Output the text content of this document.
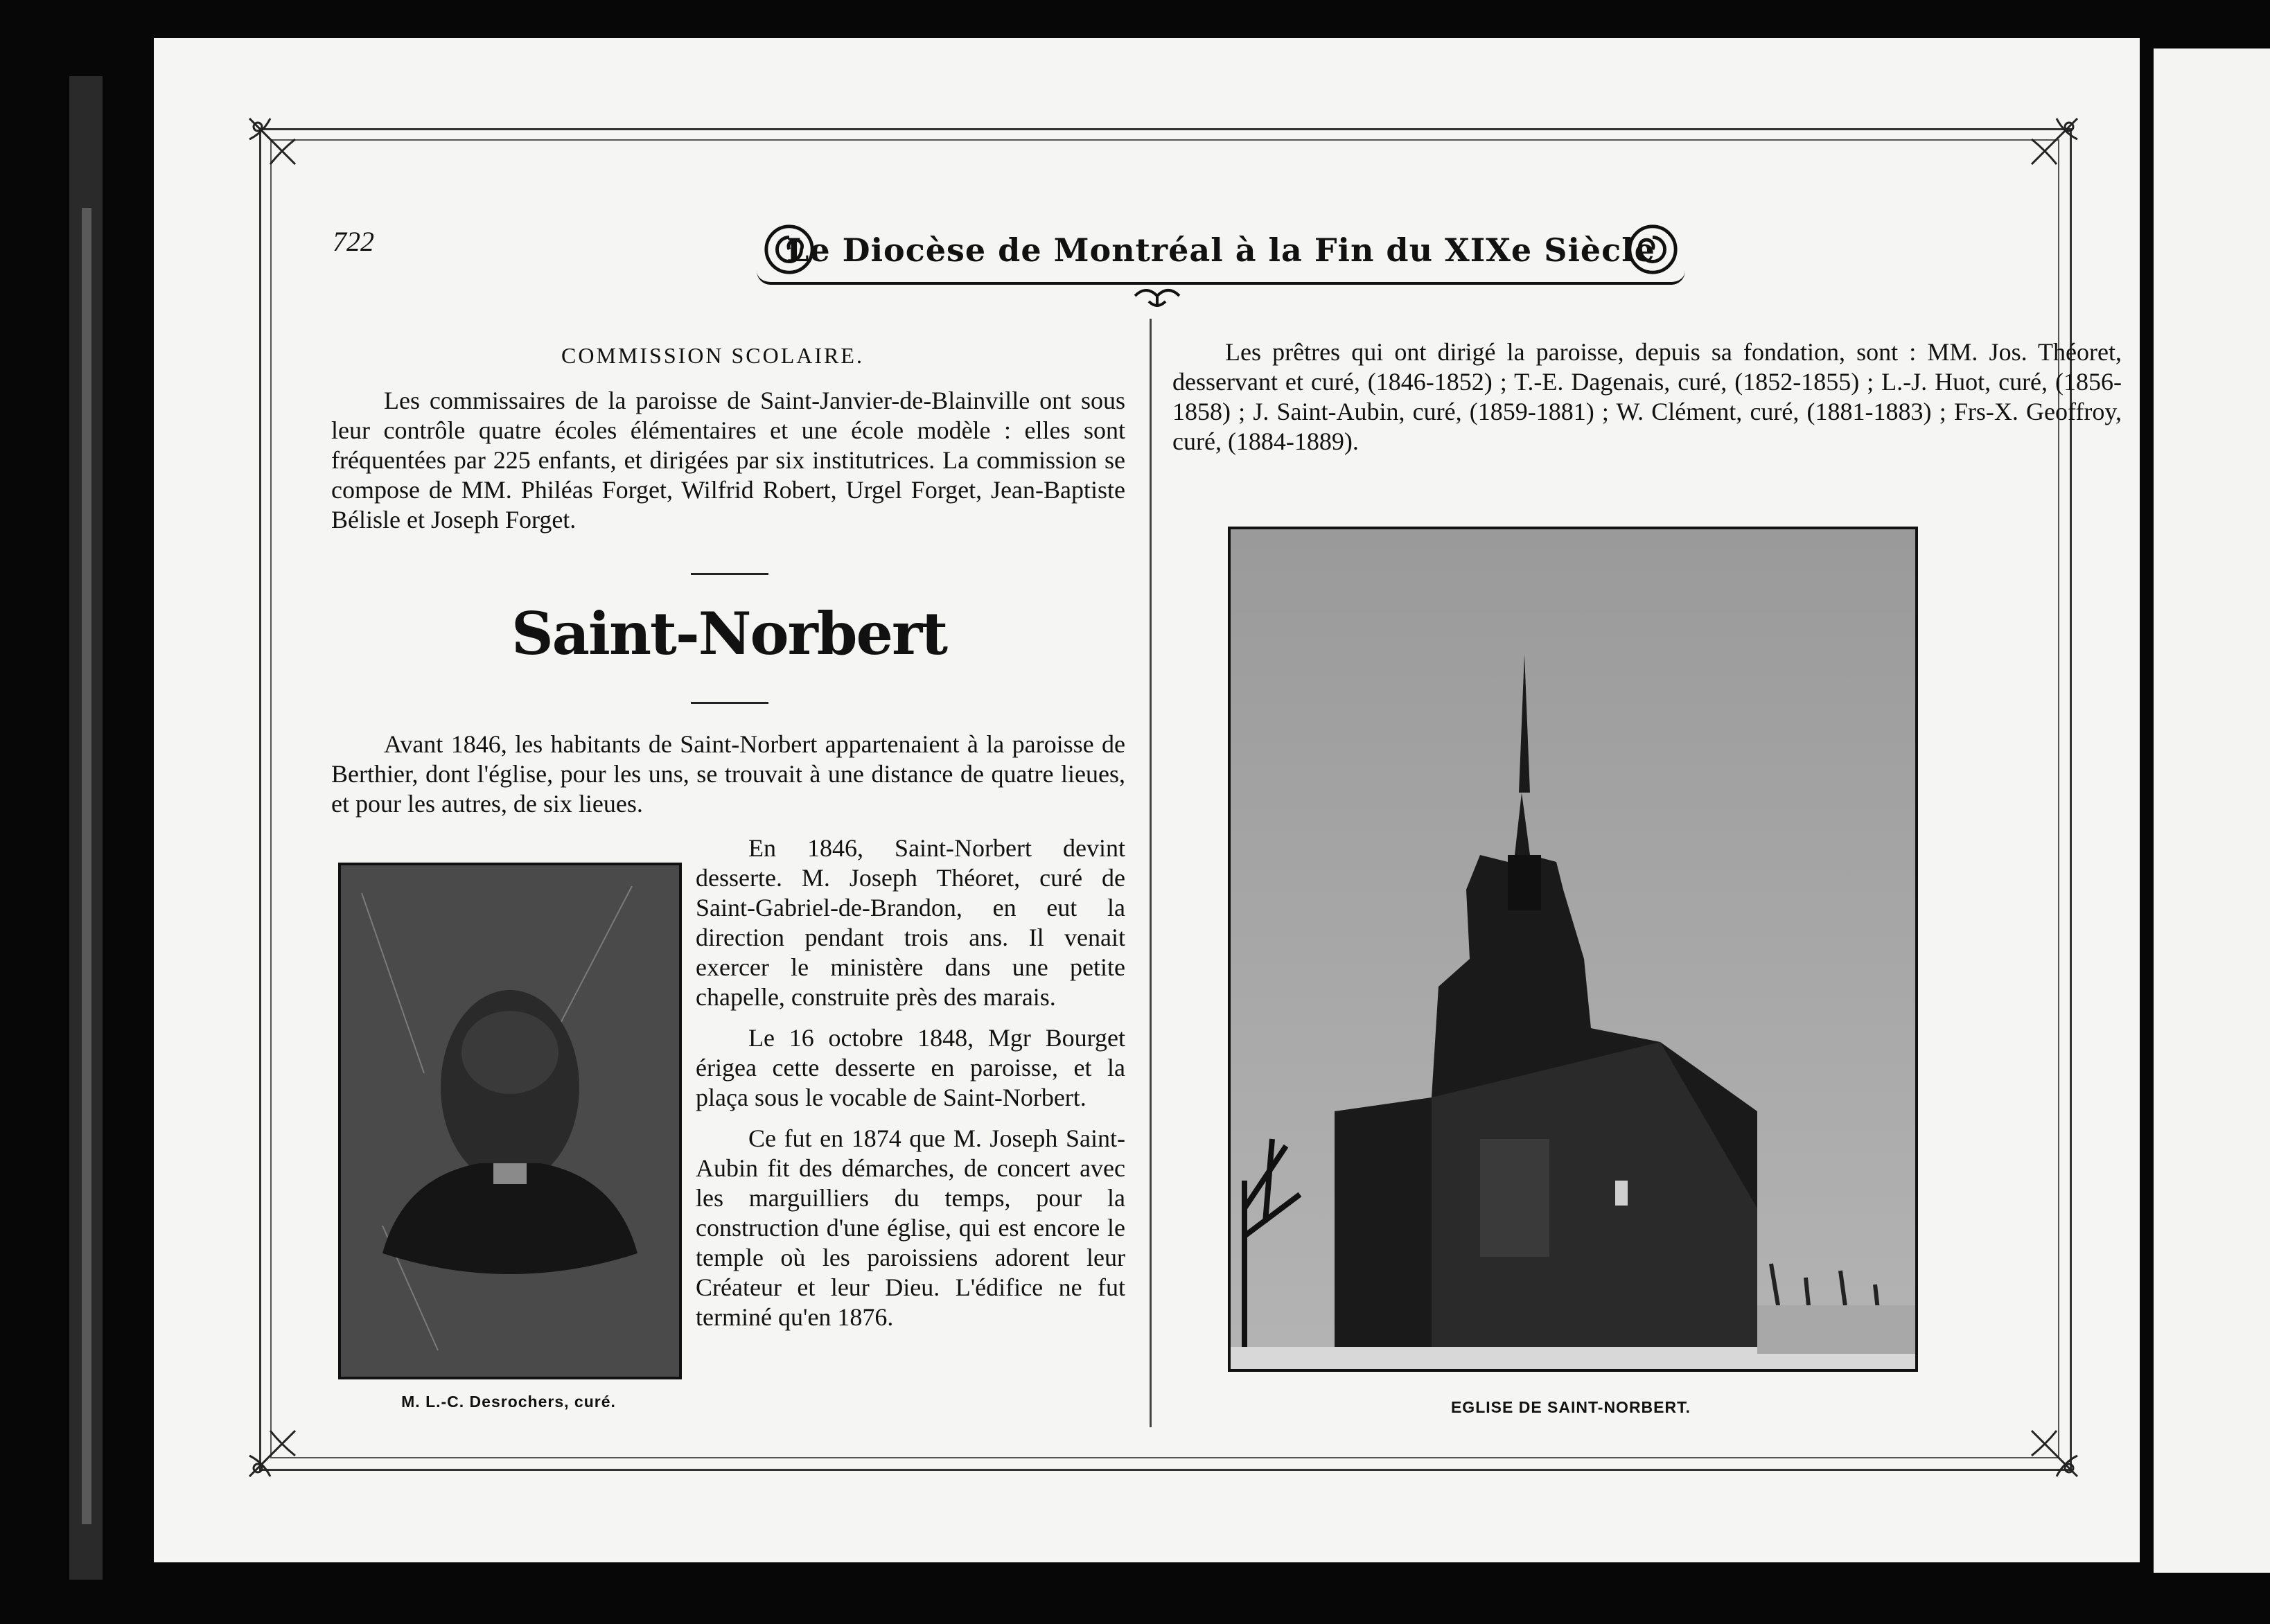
722	Le Diocèse de Montréal à la Fin du XIXe Siècle
COMMISSION SCOLAIRE.

Les commissaires de la paroisse de Saint-Janvier-de-Blainville ont sous leur contrôle quatre écoles élémentaires et une école modèle : elles sont fréquentées par 225 enfants, et dirigées par six institutrices. La commission se compose de MM. Philéas Forget, Wilfrid Robert, Urgel Forget, Jean-Baptiste Bélisle et Joseph Forget.

Saint-Norbert

Avant 1846, les habitants de Saint-Norbert appartenaient à la paroisse de Berthier, dont l'église, pour les uns, se trouvait à une distance de quatre lieues, et pour les autres, de six lieues.

M. L.-C. Desrochers, curé.

En 1846, Saint-Norbert devint desserte. M. Joseph Théoret, curé de Saint-Gabriel-de-Brandon, en eut la direction pendant trois ans. Il venait exercer le ministère dans une petite chapelle, construite près des marais.

Le 16 octobre 1848, Mgr Bourget érigea cette desserte en paroisse, et la plaça sous le vocable de Saint-Norbert.

Ce fut en 1874 que M. Joseph Saint-Aubin fit des démarches, de concert avec les marguilliers du temps, pour la construction d'une église, qui est encore le temple où les paroissiens adorent leur Créateur et leur Dieu. L'édifice ne fut terminé qu'en 1876.

Les prêtres qui ont dirigé la paroisse, depuis sa fondation, sont : MM. Jos. Théoret, desservant et curé, (1846-1852) ; T.-E. Dagenais, curé, (1852-1855) ; L.-J. Huot, curé, (1856-1858) ; J. Saint-Aubin, curé, (1859-1881) ; W. Clément, curé, (1881-1883) ; Frs-X. Geoffroy, curé, (1884-1889).

EGLISE DE SAINT-NORBERT.
